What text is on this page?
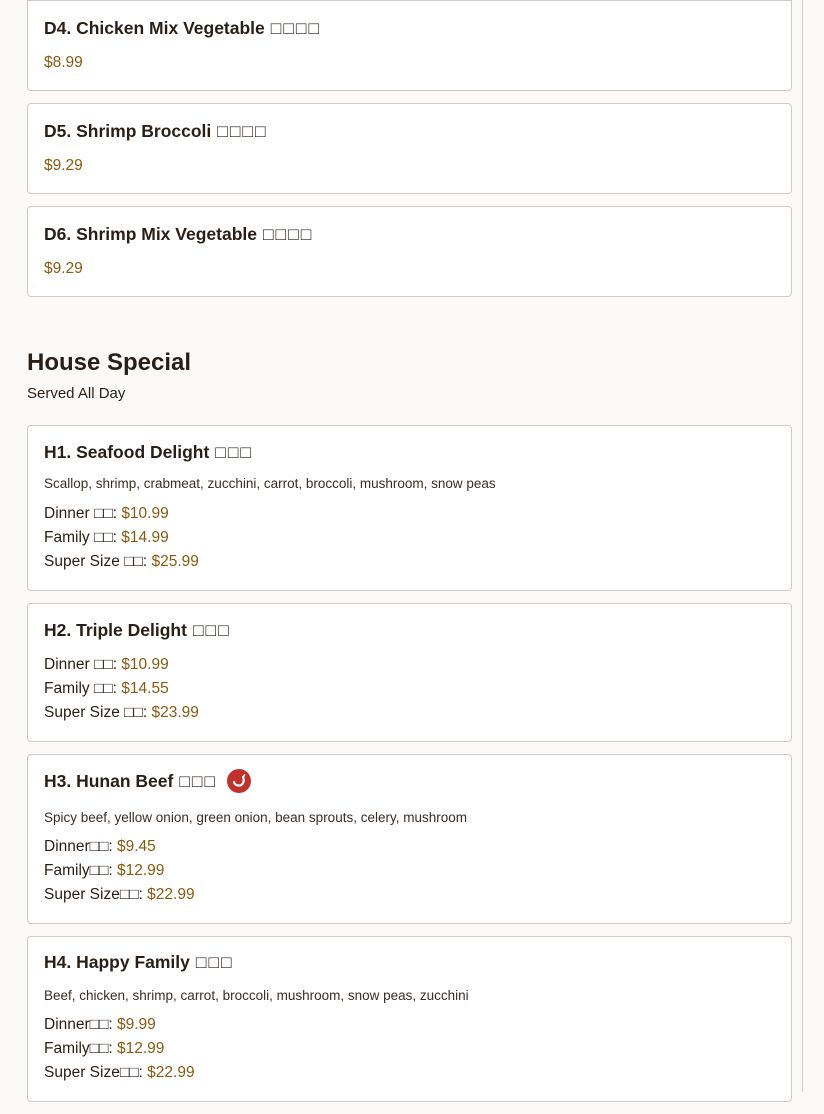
D4. Chicken Mix Vegetable □□□□
$8.99
D5. Shrimp Broccoli □□□□
$9.29
D6. Shrimp Mix Vegetable □□□□
$9.29
House Special
Served All Day
H1. Seafood Delight □□□
Scallop, shrimp, crabmeat, zucchini, carrot, broccoli, mushroom, snow peas
Dinner □□: $10.99
Family □□: $14.99
Super Size □□: $25.99
H2. Triple Delight □□□
Dinner □□: $10.99
Family □□: $14.55
Super Size □□: $23.99
H3. Hunan Beef □□□
Spicy beef, yellow onion, green onion, bean sprouts, celery, mushroom
Dinner□□: $9.45
Family□□: $12.99
Super Size□□: $22.99
H4. Happy Family □□□
Beef, chicken, shrimp, carrot, broccoli, mushroom, snow peas, zucchini
Dinner□□: $9.99
Family□□: $12.99
Super Size□□: $22.99
